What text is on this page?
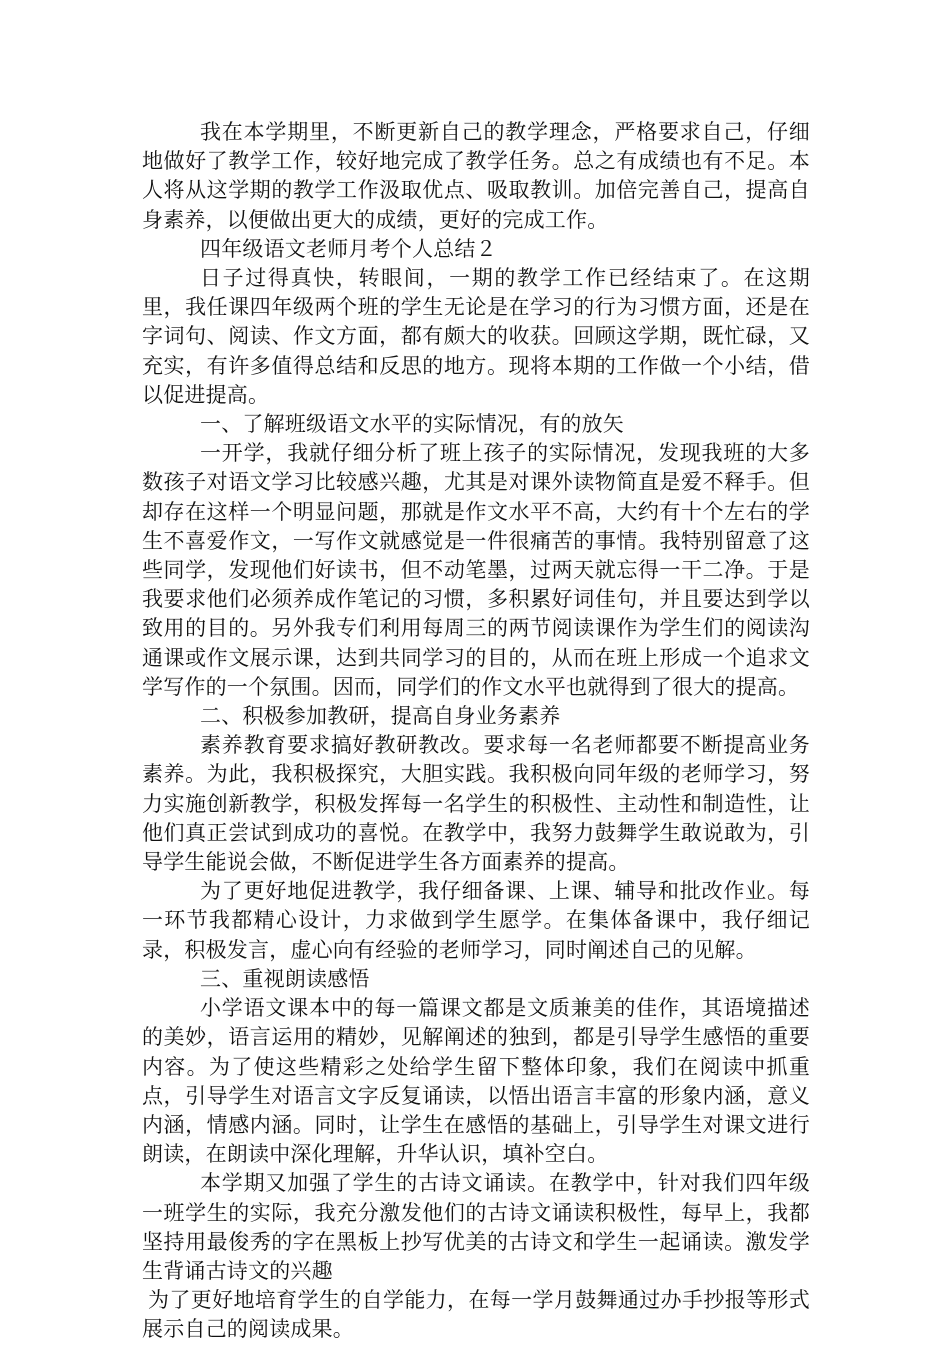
我在本学期里，不断更新自己的教学理念，严格要求自己，仔细地做好了教学工作，较好地完成了教学任务。总之有成绩也有不足。本人将从这学期的教学工作汲取优点、吸取教训。加倍完善自己，提高自身素养，以便做出更大的成绩，更好的完成工作。

四年级语文老师月考个人总结２

日子过得真快，转眼间，一期的教学工作已经结束了。在这期里，我任课四年级两个班的学生无论是在学习的行为习惯方面，还是在字词句、阅读、作文方面，都有颇大的收获。回顾这学期，既忙碌，又充实，有许多值得总结和反思的地方。现将本期的工作做一个小结，借以促进提高。

一、了解班级语文水平的实际情况，有的放矢

一开学，我就仔细分析了班上孩子的实际情况，发现我班的大多数孩子对语文学习比较感兴趣，尤其是对课外读物简直是爱不释手。但却存在这样一个明显问题，那就是作文水平不高，大约有十个左右的学生不喜爱作文，一写作文就感觉是一件很痛苦的事情。我特别留意了这些同学，发现他们好读书，但不动笔墨，过两天就忘得一干二净。于是我要求他们必须养成作笔记的习惯，多积累好词佳句，并且要达到学以致用的目的。另外我专们利用每周三的两节阅读课作为学生们的阅读沟通课或作文展示课，达到共同学习的目的，从而在班上形成一个追求文学写作的一个氛围。因而，同学们的作文水平也就得到了很大的提高。

二、积极参加教研，提高自身业务素养

素养教育要求搞好教研教改。要求每一名老师都要不断提高业务素养。为此，我积极探究，大胆实践。我积极向同年级的老师学习，努力实施创新教学，积极发挥每一名学生的积极性、主动性和制造性，让他们真正尝试到成功的喜悦。在教学中，我努力鼓舞学生敢说敢为，引导学生能说会做，不断促进学生各方面素养的提高。

为了更好地促进教学，我仔细备课、上课、辅导和批改作业。每一环节我都精心设计，力求做到学生愿学。在集体备课中，我仔细记录，积极发言，虚心向有经验的老师学习，同时阐述自己的见解。

三、重视朗读感悟

小学语文课本中的每一篇课文都是文质兼美的佳作，其语境描述的美妙，语言运用的精妙，见解阐述的独到，都是引导学生感悟的重要内容。为了使这些精彩之处给学生留下整体印象，我们在阅读中抓重点，引导学生对语言文字反复诵读，以悟出语言丰富的形象内涵，意义内涵，情感内涵。同时，让学生在感悟的基础上，引导学生对课文进行朗读，在朗读中深化理解，升华认识，填补空白。

本学期又加强了学生的古诗文诵读。在教学中，针对我们四年级一班学生的实际，我充分激发他们的古诗文诵读积极性，每早上，我都坚持用最俊秀的字在黑板上抄写优美的古诗文和学生一起诵读。激发学生背诵古诗文的兴趣

为了更好地培育学生的自学能力，在每一学月鼓舞通过办手抄报等形式展示自己的阅读成果。
